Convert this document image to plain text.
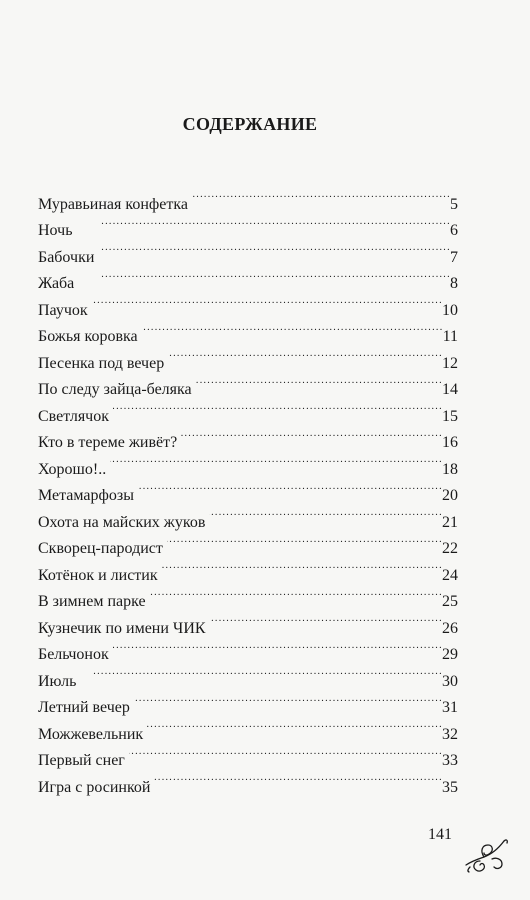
СОДЕРЖАНИЕ
Муравьиная конфетка . . .	5
Ночь . . .	6
Бабочки . . .	7
Жаба . . .	8
Паучок . . .	10
Божья коровка . . .	11
Песенка под вечер . . .	12
По следу зайца-беляка . . .	14
Светлячок . . .	15
Кто в тереме живёт? . . .	16
Хорошо!.. . . .	18
Метамарфозы . . .	20
Охота на майских жуков . . .	21
Скворец-пародист . . .	22
Котёнок и листик . . .	24
В зимнем парке . . .	25
Кузнечик по имени ЧИК . . .	26
Бельчонок . . .	29
Июль . . .	30
Летний вечер . . .	31
Можжевельник . . .	32
Первый снег . . .	33
Игра с росинкой . . .	35
141
